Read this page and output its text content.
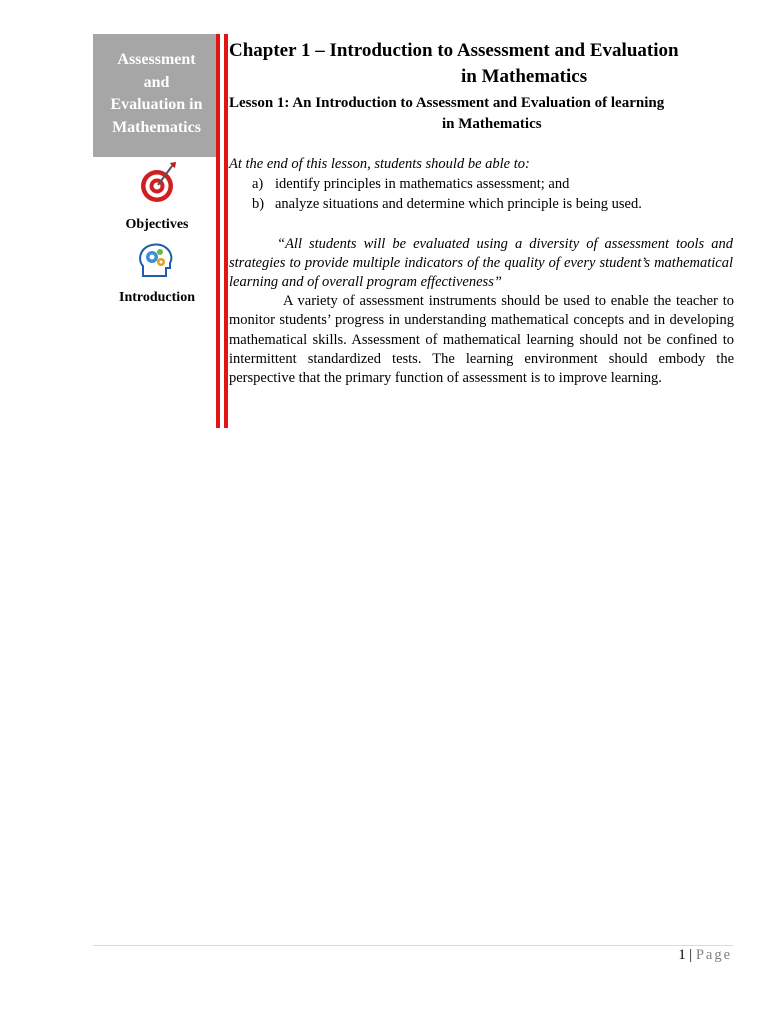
Assessment
and
Evaluation in
Mathematics
Objectives
Introduction
Chapter 1 – Introduction to Assessment and Evaluation
in Mathematics
Lesson 1: An Introduction to Assessment and Evaluation of learning
in Mathematics
At the end of this lesson, students should be able to:
a) identify principles in mathematics assessment; and
b) analyze situations and determine which principle is being used.

“All students will be evaluated using a diversity of assessment tools and strategies to provide multiple indicators of the quality of every student’s mathematical learning and of overall program effectiveness”

A variety of assessment instruments should be used to enable the teacher to monitor students’ progress in understanding mathematical concepts and in developing mathematical skills. Assessment of mathematical learning should not be confined to intermittent standardized tests. The learning environment should embody the perspective that the primary function of assessment is to improve learning.

1 | Page
